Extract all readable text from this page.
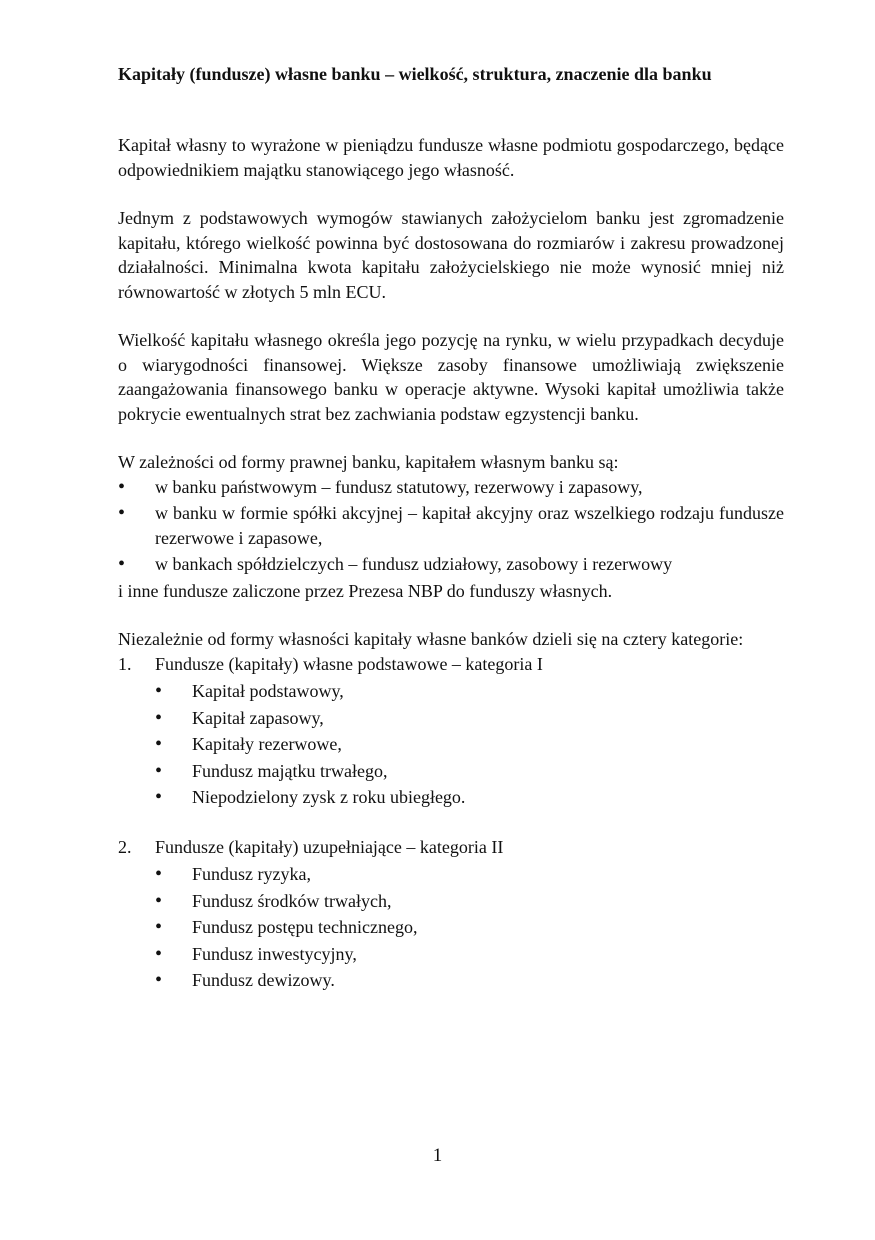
Kapitały (fundusze) własne banku – wielkość, struktura, znaczenie dla banku

Kapitał własny to wyrażone w pieniądzu fundusze własne podmiotu gospodarczego, będące odpowiednikiem majątku stanowiącego jego własność.

Jednym z podstawowych wymogów stawianych założycielom banku jest zgromadzenie kapitału, którego wielkość powinna być dostosowana do rozmiarów i zakresu prowadzonej działalności. Minimalna kwota kapitału założycielskiego nie może wynosić mniej niż równowartość w złotych 5 mln ECU.

Wielkość kapitału własnego określa jego pozycję na rynku, w wielu przypadkach decyduje o wiarygodności finansowej. Większe zasoby finansowe umożliwiają zwiększenie zaangażowania finansowego banku w operacje aktywne. Wysoki kapitał umożliwia także pokrycie ewentualnych strat bez zachwiania podstaw egzystencji banku.

W zależności od formy prawnej banku, kapitałem własnym banku są:

• w banku państwowym – fundusz statutowy, rezerwowy i zapasowy,
• w banku w formie spółki akcyjnej – kapitał akcyjny oraz wszelkiego rodzaju fundusze rezerwowe i zapasowe,
• w bankach spółdzielczych – fundusz udziałowy, zasobowy i rezerwowy

i inne fundusze zaliczone przez Prezesa NBP do funduszy własnych.

Niezależnie od formy własności kapitały własne banków dzieli się na cztery kategorie:

1. Fundusze (kapitały) własne podstawowe – kategoria I
• Kapitał podstawowy,
• Kapitał zapasowy,
• Kapitały rezerwowe,
• Fundusz majątku trwałego,
• Niepodzielony zysk z roku ubiegłego.
2. Fundusze (kapitały) uzupełniające – kategoria II
• Fundusz ryzyka,
• Fundusz środków trwałych,
• Fundusz postępu technicznego,
• Fundusz inwestycyjny,
• Fundusz dewizowy.
1
